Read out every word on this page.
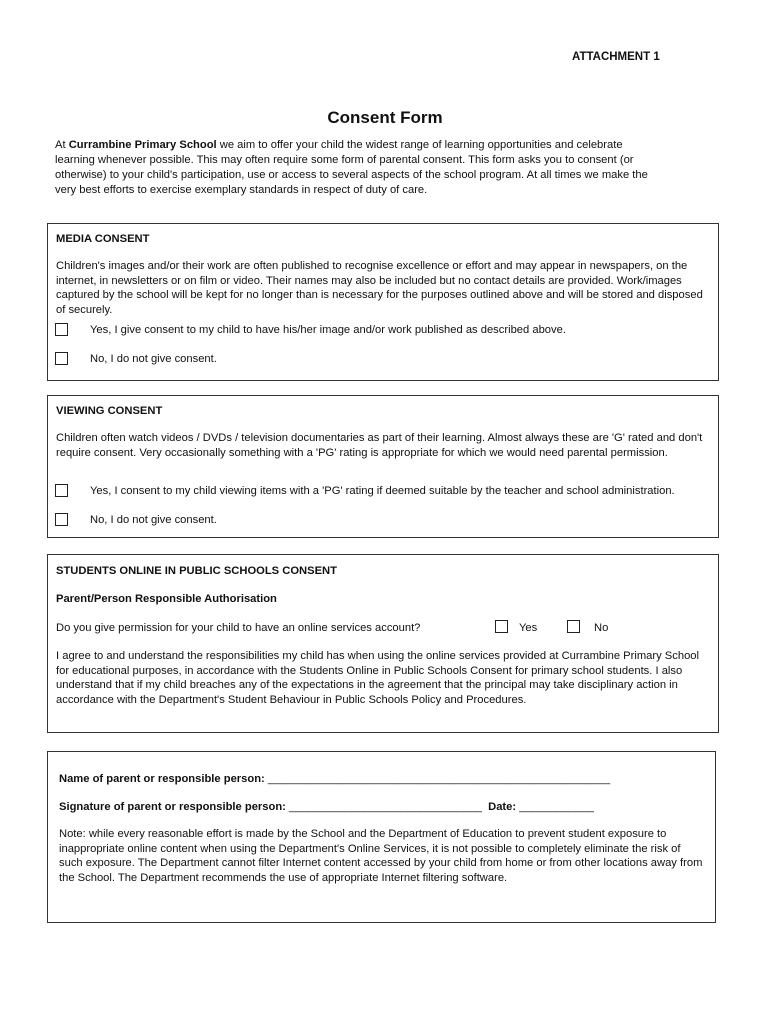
ATTACHMENT 1
Consent Form
At Currambine Primary School we aim to offer your child the widest range of learning opportunities and celebrate learning whenever possible. This may often require some form of parental consent. This form asks you to consent (or otherwise) to your child's participation, use or access to several aspects of the school program. At all times we make the very best efforts to exercise exemplary standards in respect of duty of care.
MEDIA CONSENT
Children's images and/or their work are often published to recognise excellence or effort and may appear in newspapers, on the internet, in newsletters or on film or video. Their names may also be included but no contact details are provided. Work/images captured by the school will be kept for no longer than is necessary for the purposes outlined above and will be stored and disposed of securely.
Yes, I give consent to my child to have his/her image and/or work published as described above.
No, I do not give consent.
VIEWING CONSENT
Children often watch videos / DVDs / television documentaries as part of their learning. Almost always these are 'G' rated and don't require consent. Very occasionally something with a 'PG' rating is appropriate for which we would need parental permission.
Yes, I consent to my child viewing items with a 'PG' rating if deemed suitable by the teacher and school administration.
No, I do not give consent.
STUDENTS ONLINE IN PUBLIC SCHOOLS CONSENT
Parent/Person Responsible Authorisation
Do you give permission for your child to have an online services account?	Yes	No
I agree to and understand the responsibilities my child has when using the online services provided at Currambine Primary School for educational purposes, in accordance with the Students Online in Public Schools Consent for primary school students. I also understand that if my child breaches any of the expectations in the agreement that the principal may take disciplinary action in accordance with the Department's Student Behaviour in Public Schools Policy and Procedures.
Name of parent or responsible person: _______________________________________________________
Signature of parent or responsible person: _______________________________ Date: ____________
Note: while every reasonable effort is made by the School and the Department of Education to prevent student exposure to inappropriate online content when using the Department's Online Services, it is not possible to completely eliminate the risk of such exposure. The Department cannot filter Internet content accessed by your child from home or from other locations away from the School. The Department recommends the use of appropriate Internet filtering software.
